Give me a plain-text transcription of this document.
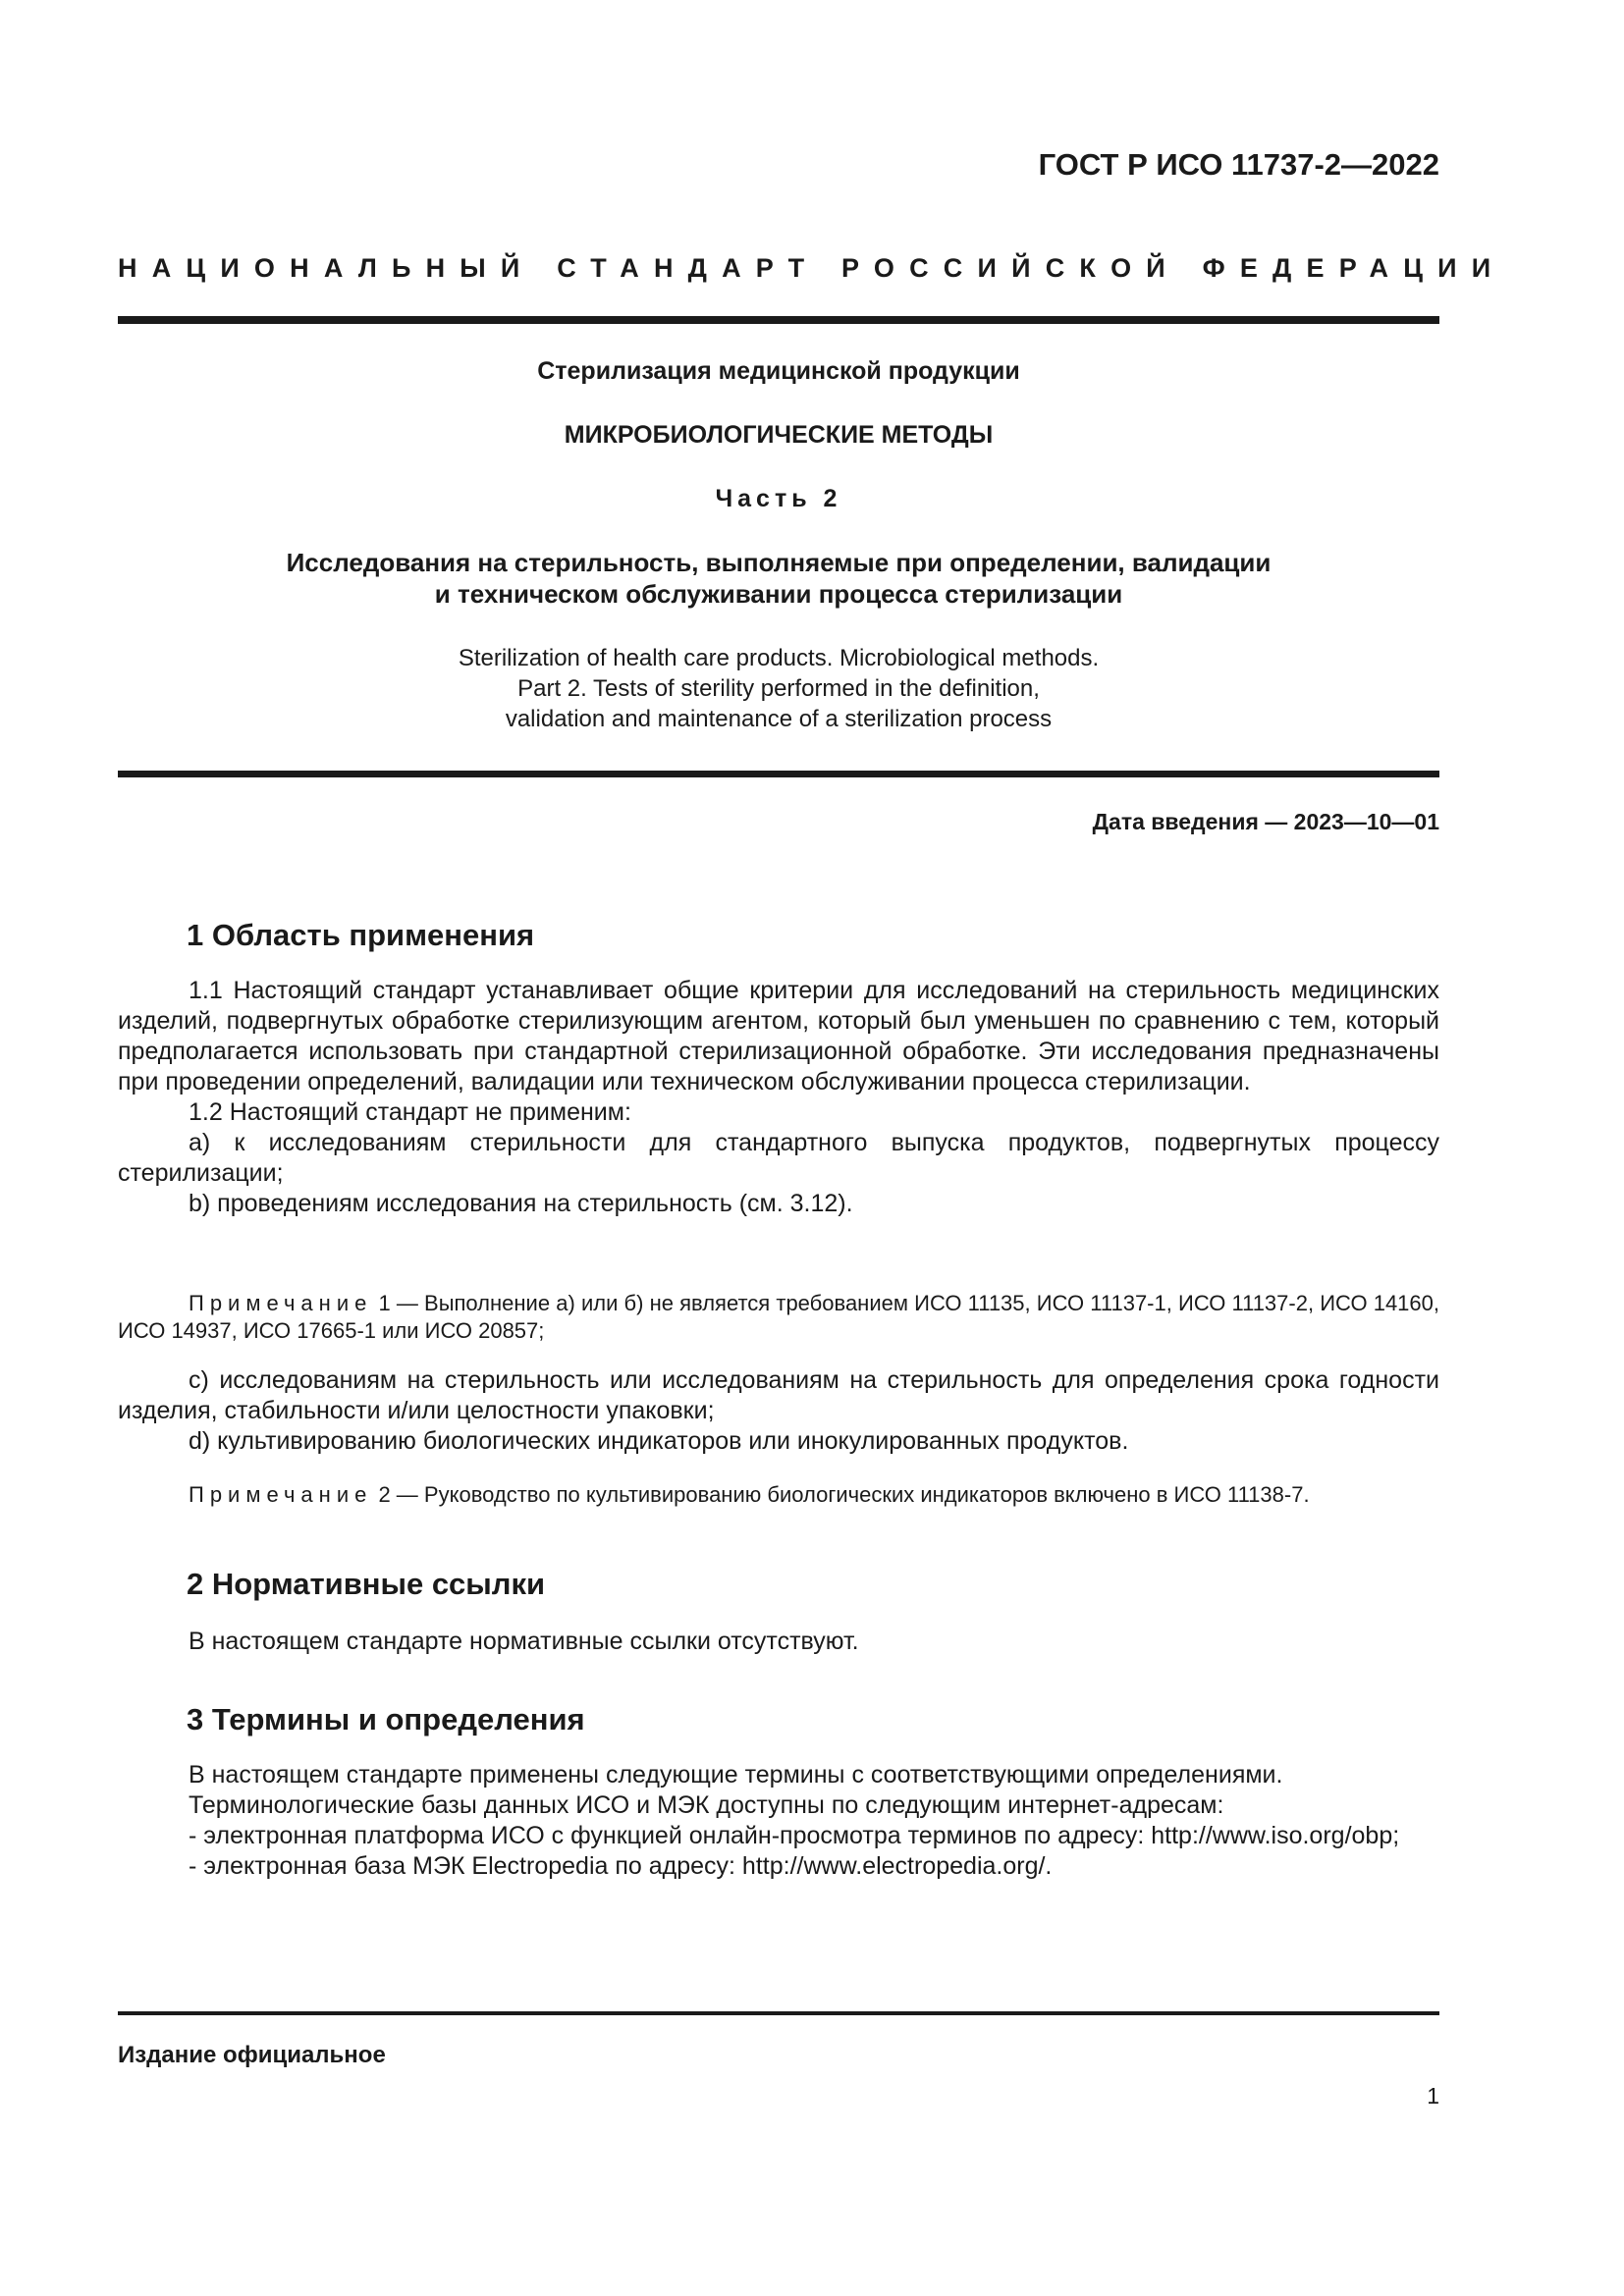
ГОСТ Р ИСО 11737-2—2022
НАЦИОНАЛЬНЫЙ СТАНДАРТ РОССИЙСКОЙ ФЕДЕРАЦИИ
Стерилизация медицинской продукции
МИКРОБИОЛОГИЧЕСКИЕ МЕТОДЫ
Часть 2
Исследования на стерильность, выполняемые при определении, валидации
и техническом обслуживании процесса стерилизации
Sterilization of health care products. Microbiological methods.
Part 2. Tests of sterility performed in the definition,
validation and maintenance of a sterilization process
Дата введения — 2023—10—01
1 Область применения

1.1 Настоящий стандарт устанавливает общие критерии для исследований на стерильность медицинских изделий, подвергнутых обработке стерилизующим агентом, который был уменьшен по сравнению с тем, который предполагается использовать при стандартной стерилизационной обработке. Эти исследования предназначены при проведении определений, валидации или техническом обслуживании процесса стерилизации.

1.2 Настоящий стандарт не применим:

а) к исследованиям стерильности для стандартного выпуска продуктов, подвергнутых процессу стерилизации;

b) проведениям исследования на стерильность (см. 3.12).

Примечание 1 — Выполнение а) или б) не является требованием ИСО 11135, ИСО 11137-1, ИСО 11137-2, ИСО 14160, ИСО 14937, ИСО 17665-1 или ИСО 20857;

с) исследованиям на стерильность или исследованиям на стерильность для определения срока годности изделия, стабильности и/или целостности упаковки;

d) культивированию биологических индикаторов или инокулированных продуктов.

Примечание 2 — Руководство по культивированию биологических индикаторов включено в ИСО 11138-7.

2 Нормативные ссылки

В настоящем стандарте нормативные ссылки отсутствуют.

3 Термины и определения

В настоящем стандарте применены следующие термины с соответствующими определениями.

Терминологические базы данных ИСО и МЭК доступны по следующим интернет-адресам:

- электронная платформа ИСО с функцией онлайн-просмотра терминов по адресу: http://www.iso.org/obp;

- электронная база МЭК Electropedia по адресу: http://www.electropedia.org/.

Издание официальное
1
